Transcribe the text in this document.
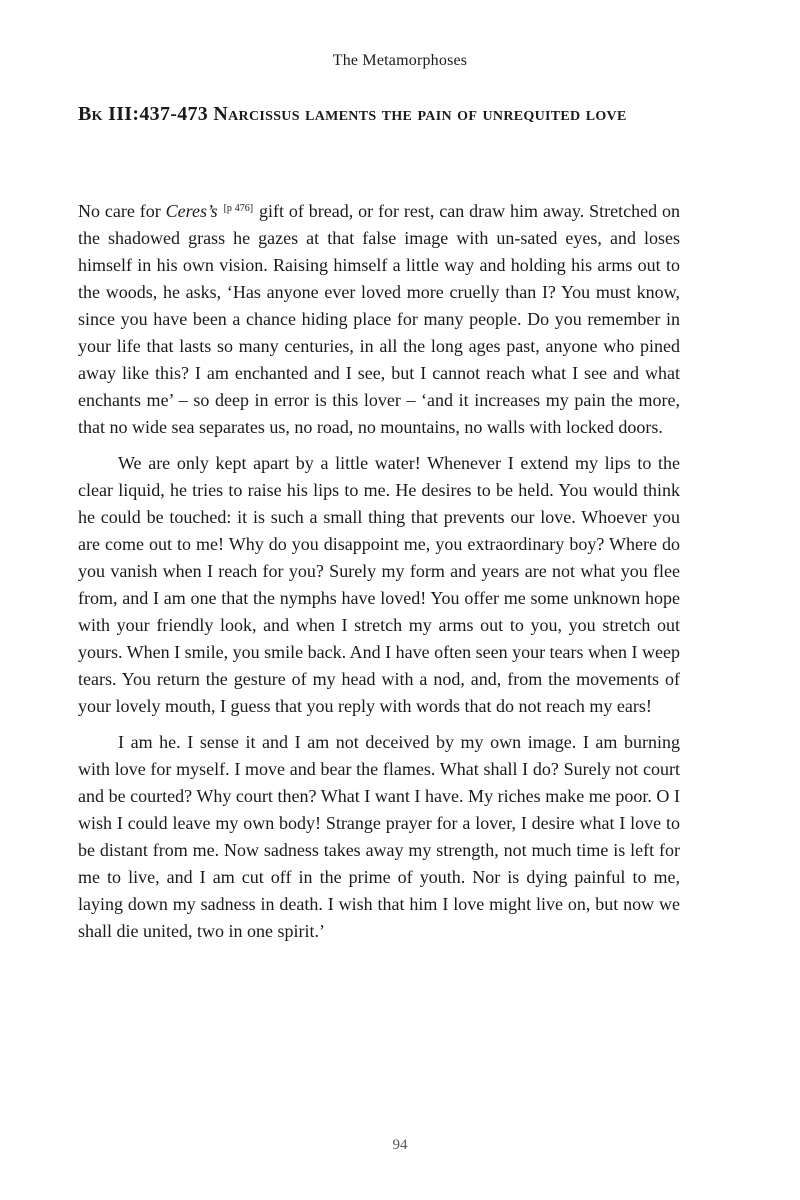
The Metamorphoses
Bk III:437-473 Narcissus laments the pain of unrequited love

No care for Ceres’s [p 476] gift of bread, or for rest, can draw him away. Stretched on the shadowed grass he gazes at that false image with un-sated eyes, and loses himself in his own vision. Raising himself a little way and holding his arms out to the woods, he asks, ‘Has anyone ever loved more cruelly than I? You must know, since you have been a chance hiding place for many people. Do you remember in your life that lasts so many centuries, in all the long ages past, anyone who pined away like this? I am enchanted and I see, but I cannot reach what I see and what enchants me’ – so deep in error is this lover – ‘and it increases my pain the more, that no wide sea separates us, no road, no mountains, no walls with locked doors.

We are only kept apart by a little water! Whenever I extend my lips to the clear liquid, he tries to raise his lips to me. He desires to be held. You would think he could be touched: it is such a small thing that prevents our love. Whoever you are come out to me! Why do you disappoint me, you extraordinary boy? Where do you vanish when I reach for you? Surely my form and years are not what you flee from, and I am one that the nymphs have loved! You offer me some unknown hope with your friendly look, and when I stretch my arms out to you, you stretch out yours. When I smile, you smile back. And I have often seen your tears when I weep tears. You return the gesture of my head with a nod, and, from the movements of your lovely mouth, I guess that you reply with words that do not reach my ears!

I am he. I sense it and I am not deceived by my own image. I am burning with love for myself. I move and bear the flames. What shall I do? Surely not court and be courted? Why court then? What I want I have. My riches make me poor. O I wish I could leave my own body! Strange prayer for a lover, I desire what I love to be distant from me. Now sadness takes away my strength, not much time is left for me to live, and I am cut off in the prime of youth. Nor is dying painful to me, laying down my sadness in death. I wish that him I love might live on, but now we shall die united, two in one spirit.’

94
